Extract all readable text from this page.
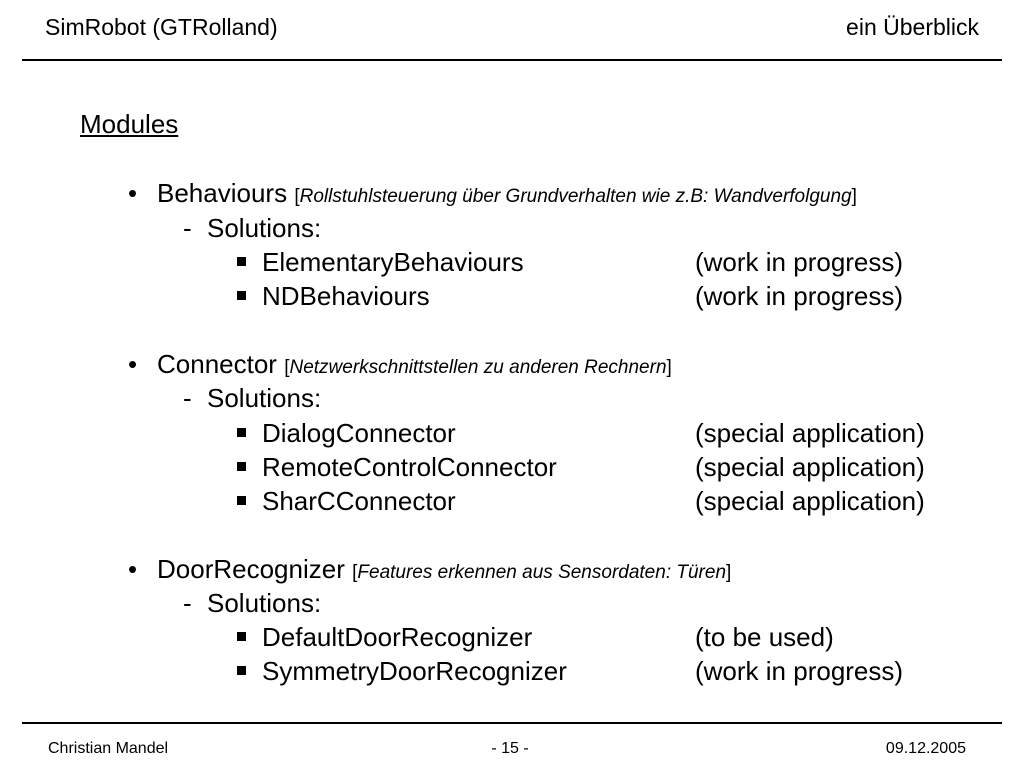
SimRobot (GTRolland)	ein Überblick
Modules
• Behaviours [Rollstuhlsteuerung über Grundverhalten wie z.B: Wandverfolgung]
- Solutions:
ElementaryBehaviours	(work in progress)
NDBehaviours	(work in progress)
• Connector [Netzwerkschnittstellen zu anderen Rechnern]
- Solutions:
DialogConnector	(special application)
RemoteControlConnector	(special application)
SharCConnector	(special application)
• DoorRecognizer [Features erkennen aus Sensordaten: Türen]
- Solutions:
DefaultDoorRecognizer	(to be used)
SymmetryDoorRecognizer	(work in progress)
Christian Mandel	- 15 -	09.12.2005
